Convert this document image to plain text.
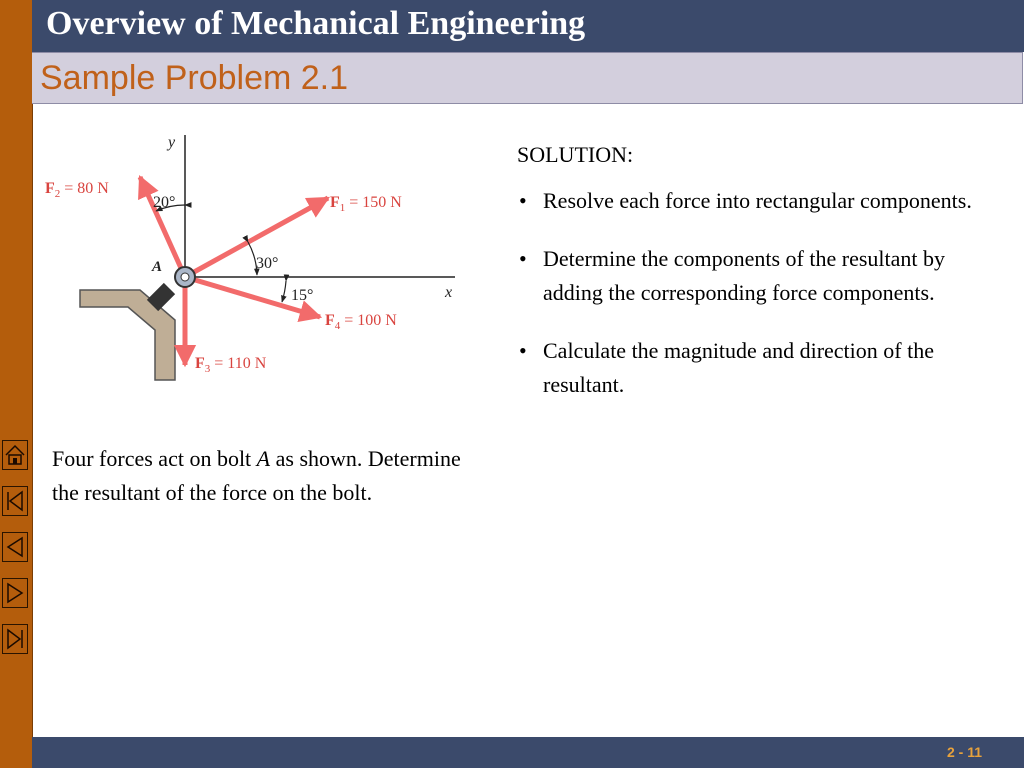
Overview of Mechanical Engineering
Sample Problem 2.1
y
x
A
$F_1 = 150$ N
$F_2 = 80$ N
$F_3 = 110$ N
$F_4 = 100$ N
20°
30°
15°

Four forces act on bolt A as shown. Determine the resultant of the force on the bolt.

SOLUTION:

• Resolve each force into rectangular components.
• Determine the components of the resultant by adding the corresponding force components.
• Calculate the magnitude and direction of the resultant.
2 - 11
